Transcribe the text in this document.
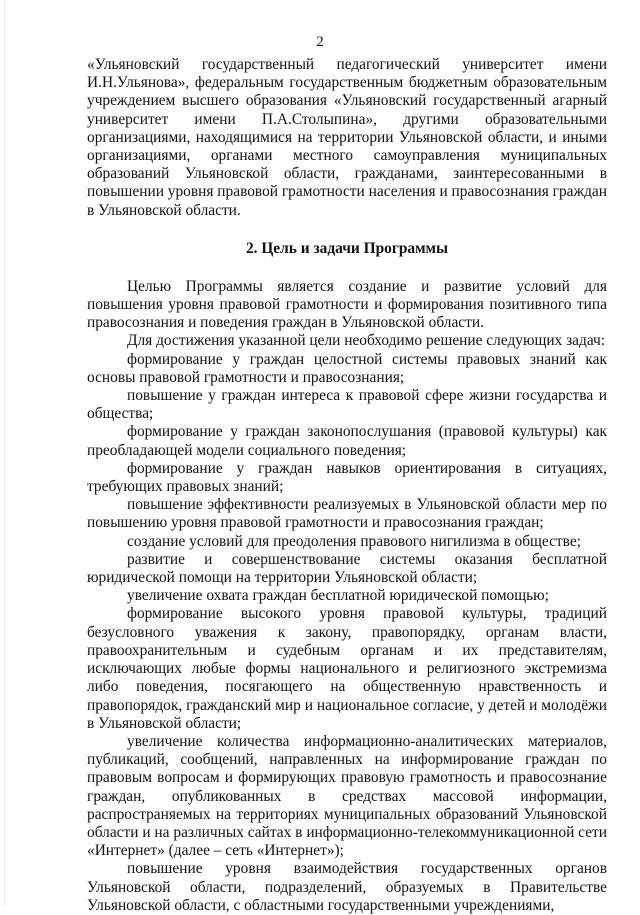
2

«Ульяновский государственный педагогический университет имени И.Н.Ульянова», федеральным государственным бюджетным образовательным учреждением высшего образования «Ульяновский государственный агарный университет имени П.А.Столыпина», другими образовательными организациями, находящимися на территории Ульяновской области, и иными организациями, органами местного самоуправления муниципальных образований Ульяновской области, гражданами, заинтересованными в повышении уровня правовой грамотности населения и правосознания граждан в Ульяновской области.

2. Цель и задачи Программы

Целью Программы является создание и развитие условий для повышения уровня правовой грамотности и формирования позитивного типа правосознания и поведения граждан в Ульяновской области.

Для достижения указанной цели необходимо решение следующих задач:

формирование у граждан целостной системы правовых знаний как основы правовой грамотности и правосознания;

повышение у граждан интереса к правовой сфере жизни государства и общества;

формирование у граждан законопослушания (правовой культуры) как преобладающей модели социального поведения;

формирование у граждан навыков ориентирования в ситуациях, требующих правовых знаний;

повышение эффективности реализуемых в Ульяновской области мер по повышению уровня правовой грамотности и правосознания граждан;

создание условий для преодоления правового нигилизма в обществе;

развитие и совершенствование системы оказания бесплатной юридической помощи на территории Ульяновской области;

увеличение охвата граждан бесплатной юридической помощью;

формирование высокого уровня правовой культуры, традиций безусловного уважения к закону, правопорядку, органам власти, правоохранительным и судебным органам и их представителям, исключающих любые формы национального и религиозного экстремизма либо поведения, посягающего на общественную нравственность и правопорядок, гражданский мир и национальное согласие, у детей и молодёжи в Ульяновской области;

увеличение количества информационно-аналитических материалов, публикаций, сообщений, направленных на информирование граждан по правовым вопросам и формирующих правовую грамотность и правосознание граждан, опубликованных в средствах массовой информации, распространяемых на территориях муниципальных образований Ульяновской области и на различных сайтах в информационно-телекоммуникационной сети «Интернет» (далее – сеть «Интернет»);

повышение уровня взаимодействия государственных органов Ульяновской области, подразделений, образуемых в Правительстве Ульяновской области, с областными государственными учреждениями,
